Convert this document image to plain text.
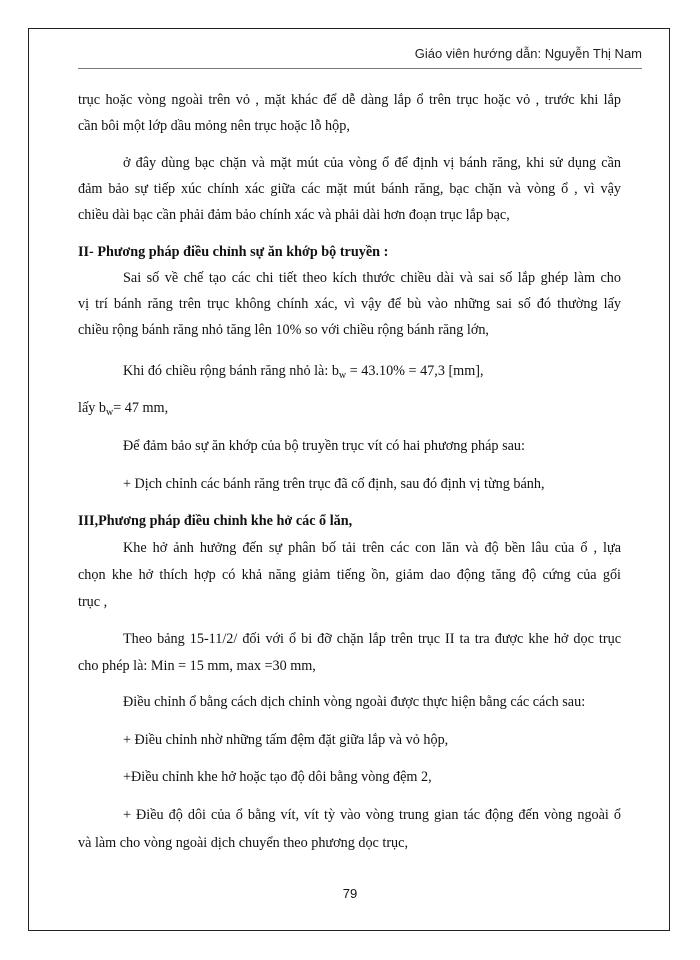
Giáo viên hướng dẫn: Nguyễn Thị Nam
trục hoặc vòng ngoài trên vỏ , mặt khác để dễ dàng lắp ổ trên trục hoặc vỏ , trước khi lắp
cần bôi một lớp dầu mỏng nên trục hoặc lỗ hộp,
ở đây dùng bạc chặn và mặt mút của vòng ổ để định vị bánh răng, khi sử dụng cần
đảm bảo sự tiếp xúc chính xác giữa các mặt mút bánh răng, bạc chặn và vòng ổ , vì vậy
chiều dài bạc cần phải đảm bảo chính xác và phải dài hơn đoạn trục lắp bạc,
II- Phương pháp điều chỉnh sự ăn khớp bộ truyền :
Sai số về chế tạo các chi tiết theo kích thước chiều dài và sai số lắp ghép làm cho
vị trí bánh răng trên trục không chính xác, vì vậy để bù vào những sai số đó thường lấy
chiều rộng bánh răng nhỏ tăng lên 10% so với chiều rộng bánh răng lớn,
Khi đó chiều rộng bánh răng nhỏ là: $b_w = 43.10\% = 47,3$ [mm],
lấy $b_w= 47$ mm,
Để đảm bảo sự ăn khớp của bộ truyền trục vít có hai phương pháp sau:
+ Dịch chỉnh các bánh răng trên trục đã cố định, sau đó định vị từng bánh,
III,Phương pháp điều chỉnh khe hở các ổ lăn,
Khe hở ảnh hưởng đến sự phân bố tải trên các con lăn và độ bền lâu của ổ , lựa
chọn khe hở thích hợp có khả năng giảm tiếng ồn, giảm dao động tăng độ cứng của gối
trục ,
Theo bảng 15-11/2/ đối với ổ bi đỡ chặn lắp trên trục II ta tra được khe hở dọc trục
cho phép là: Min = 15 mm, max =30 mm,
Điều chỉnh ổ bằng cách dịch chỉnh vòng ngoài được thực hiện bằng các cách sau:
+ Điều chỉnh nhờ những tấm đệm đặt giữa lắp và vỏ hộp,
+Điều chỉnh khe hở hoặc tạo độ dôi bằng vòng đệm 2,
+ Điều độ dôi của ổ bằng vít, vít tỳ vào vòng trung gian tác động đến vòng ngoài ổ
và làm cho vòng ngoài dịch chuyển theo phương dọc trục,
79
